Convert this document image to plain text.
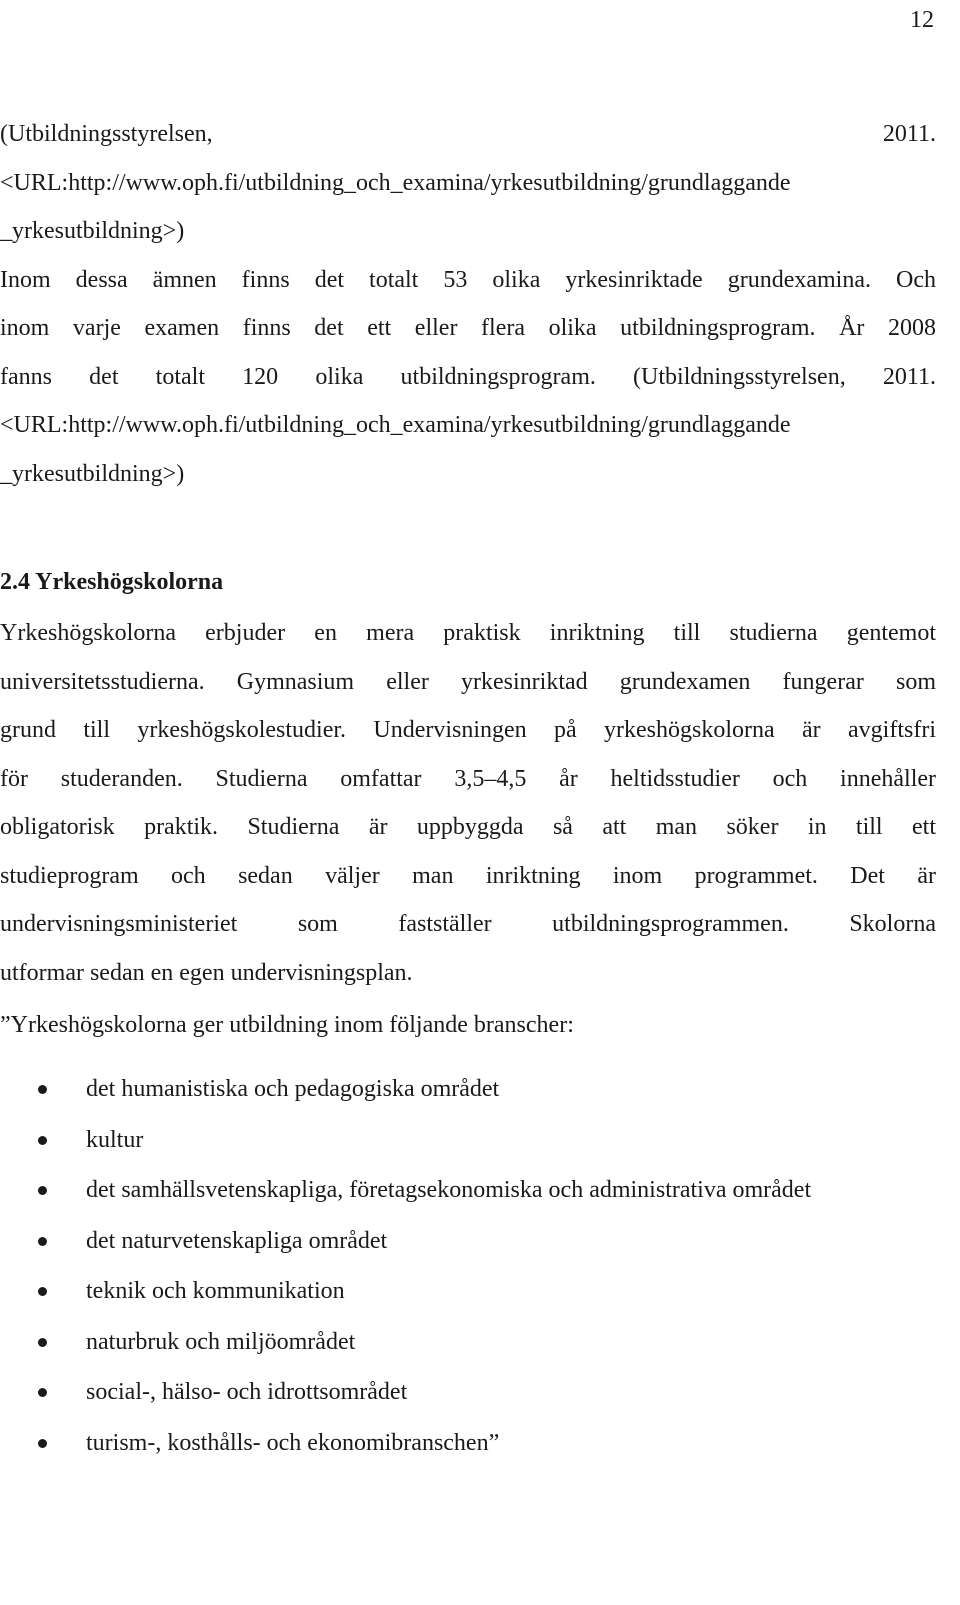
12
(Utbildningsstyrelsen,	2011.
<URL:http://www.oph.fi/utbildning_och_examina/yrkesutbildning/grundlaggande
_yrkesutbildning>)
Inom dessa ämnen finns det totalt 53 olika yrkesinriktade grundexamina. Och
inom varje examen finns det ett eller flera olika utbildningsprogram. År 2008
fanns det totalt 120 olika utbildningsprogram. (Utbildningsstyrelsen, 2011.
<URL:http://www.oph.fi/utbildning_och_examina/yrkesutbildning/grundlaggande
_yrkesutbildning>)
2.4 Yrkeshögskolorna
Yrkeshögskolorna erbjuder en mera praktisk inriktning till studierna gentemot
universitetsstudierna. Gymnasium eller yrkesinriktad grundexamen fungerar som
grund till yrkeshögskolestudier. Undervisningen på yrkeshögskolorna är avgiftsfri
för studeranden. Studierna omfattar 3,5–4,5 år heltidsstudier och innehåller
obligatorisk praktik. Studierna är uppbyggda så att man söker in till ett
studieprogram och sedan väljer man inriktning inom programmet. Det är
undervisningsministeriet som fastställer utbildningsprogrammen. Skolorna
utformar sedan en egen undervisningsplan.
”Yrkeshögskolorna ger utbildning inom följande branscher:
det humanistiska och pedagogiska området
kultur
det samhällsvetenskapliga, företagsekonomiska och administrativa området
det naturvetenskapliga området
teknik och kommunikation
naturbruk och miljöområdet
social-, hälso- och idrottsområdet
turism-, kosthålls- och ekonomibranschen”
